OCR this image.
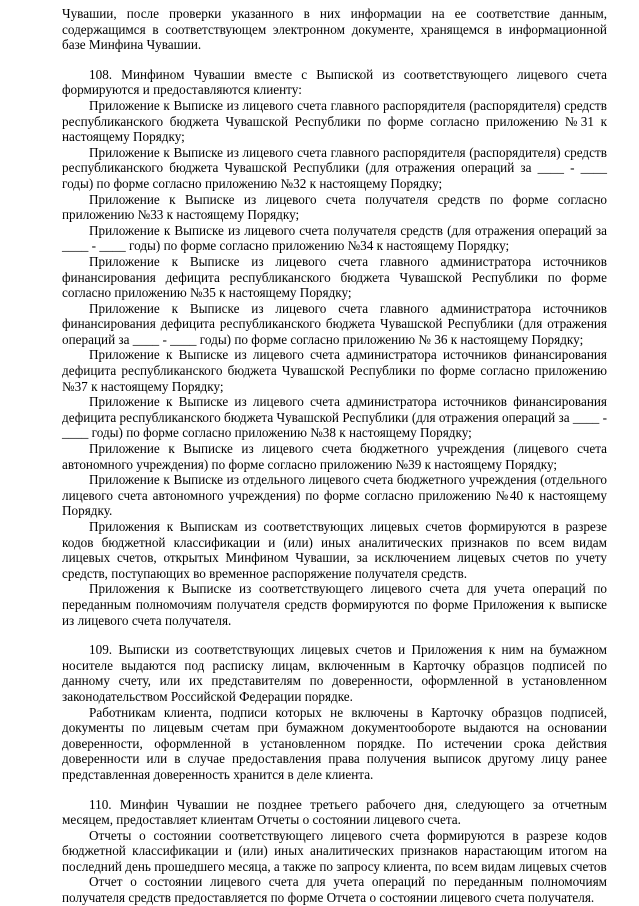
Чувашии, после проверки указанного в них информации на ее соответствие данным, содержащимся в соответствующем электронном документе, хранящемся в информационной базе Минфина Чувашии.

108. Минфином Чувашии вместе с Выпиской из соответствующего лицевого счета формируются и предоставляются клиенту:

Приложение к Выписке из лицевого счета главного распорядителя (распорядителя) средств республиканского бюджета Чувашской Республики по форме согласно приложению №31 к настоящему Порядку;

Приложение к Выписке из лицевого счета главного распорядителя (распорядителя) средств республиканского бюджета Чувашской Республики (для отражения операций за ____ - ____ годы) по форме согласно приложению №32 к настоящему Порядку;

Приложение к Выписке из лицевого счета получателя средств по форме согласно приложению №33 к настоящему Порядку;

Приложение к Выписке из лицевого счета получателя средств (для отражения операций за ____ - ____ годы) по форме согласно приложению №34 к настоящему Порядку;

Приложение к Выписке из лицевого счета главного администратора источников финансирования дефицита республиканского бюджета Чувашской Республики по форме согласно приложению №35 к настоящему Порядку;

Приложение к Выписке из лицевого счета главного администратора источников финансирования дефицита республиканского бюджета Чувашской Республики (для отражения операций за ____ - ____ годы) по форме согласно приложению № 36 к настоящему Порядку;

Приложение к Выписке из лицевого счета администратора источников финансирования дефицита республиканского бюджета Чувашской Республики по форме согласно приложению №37 к настоящему Порядку;

Приложение к Выписке из лицевого счета администратора источников финансирования дефицита республиканского бюджета Чувашской Республики (для отражения операций за ____ - ____ годы) по форме согласно приложению №38 к настоящему Порядку;

Приложение к Выписке из лицевого счета бюджетного учреждения (лицевого счета автономного учреждения) по форме согласно приложению №39 к настоящему Порядку;

Приложение к Выписке из отдельного лицевого счета бюджетного учреждения (отдельного лицевого счета автономного учреждения) по форме согласно приложению №40 к настоящему Порядку.

Приложения к Выпискам из соответствующих лицевых счетов формируются в разрезе кодов бюджетной классификации и (или) иных аналитических признаков по всем видам лицевых счетов, открытых Минфином Чувашии, за исключением лицевых счетов по учету средств, поступающих во временное распоряжение получателя средств.

Приложения к Выписке из соответствующего лицевого счета для учета операций по переданным полномочиям получателя средств формируются по форме Приложения к выписке из лицевого счета получателя.

109. Выписки из соответствующих лицевых счетов и Приложения к ним на бумажном носителе выдаются под расписку лицам, включенным в Карточку образцов подписей по данному счету, или их представителям по доверенности, оформленной в установленном законодательством Российской Федерации порядке.

Работникам клиента, подписи которых не включены в Карточку образцов подписей, документы по лицевым счетам при бумажном документообороте выдаются на основании доверенности, оформленной в установленном порядке. По истечении срока действия доверенности или в случае предоставления права получения выписок другому лицу ранее представленная доверенность хранится в деле клиента.

110. Минфин Чувашии не позднее третьего рабочего дня, следующего за отчетным месяцем, предоставляет клиентам Отчеты о состоянии лицевого счета.

Отчеты о состоянии соответствующего лицевого счета формируются в разрезе кодов бюджетной классификации и (или) иных аналитических признаков нарастающим итогом на последний день прошедшего месяца, а также по запросу клиента, по всем видам лицевых счетов

Отчет о состоянии лицевого счета для учета операций по переданным полномочиям получателя средств предоставляется по форме Отчета о состоянии лицевого счета получателя.
